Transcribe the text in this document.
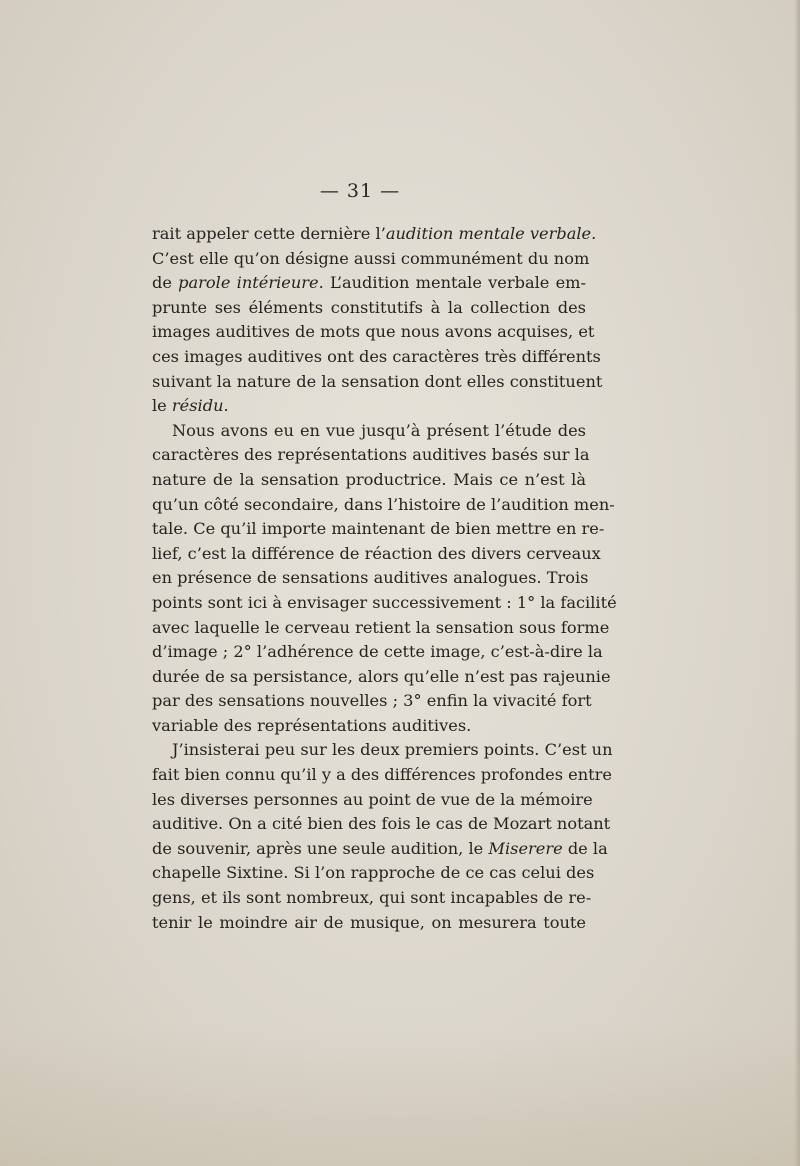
— 31 —
rait appeler cette dernière l’audition mentale verbale.
C’est elle qu’on désigne aussi communément du nom
de parole intérieure. L’audition mentale verbale em-
prunte ses éléments constitutifs à la collection des
images auditives de mots que nous avons acquises, et
ces images auditives ont des caractères très différents
suivant la nature de la sensation dont elles constituent
le résidu.
Nous avons eu en vue jusqu’à présent l’étude des
caractères des représentations auditives basés sur la
nature de la sensation productrice. Mais ce n’est là
qu’un côté secondaire, dans l’histoire de l’audition men-
tale. Ce qu’il importe maintenant de bien mettre en re-
lief, c’est la différence de réaction des divers cerveaux
en présence de sensations auditives analogues. Trois
points sont ici à envisager successivement : 1° la facilité
avec laquelle le cerveau retient la sensation sous forme
d’image ; 2° l’adhérence de cette image, c’est-à-dire la
durée de sa persistance, alors qu’elle n’est pas rajeunie
par des sensations nouvelles ; 3° enfin la vivacité fort
variable des représentations auditives.
J’insisterai peu sur les deux premiers points. C’est un
fait bien connu qu’il y a des différences profondes entre
les diverses personnes au point de vue de la mémoire
auditive. On a cité bien des fois le cas de Mozart notant
de souvenir, après une seule audition, le Miserere de la
chapelle Sixtine. Si l’on rapproche de ce cas celui des
gens, et ils sont nombreux, qui sont incapables de re-
tenir le moindre air de musique, on mesurera toute
